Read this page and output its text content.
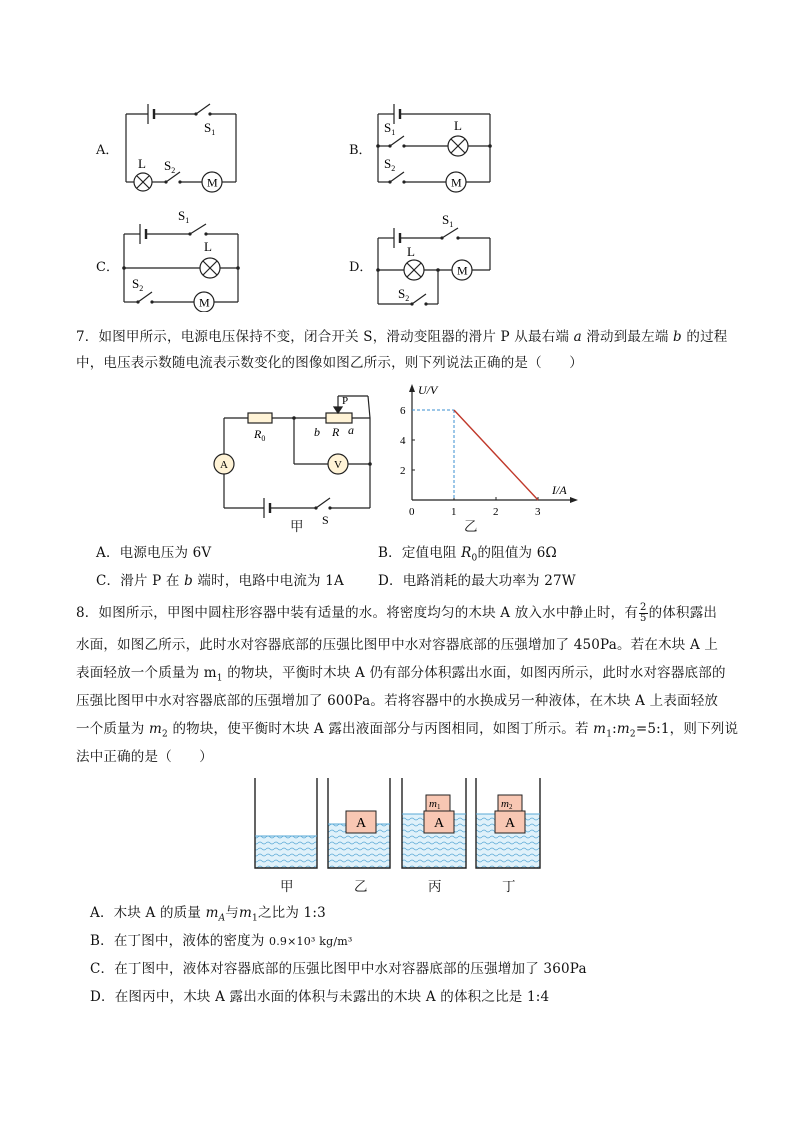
A．
$S_1$
L $S_2$
M
B．
$S_1$	L
$S_2$
M
C．
$S_1$
L
$S_2$
M
D．
$S_1$
L
$S_2$
M
7．如图甲所示，电源电压保持不变，闭合开关 S，滑动变阻器的滑片 P 从最右端 a 滑动到最左端 b 的过程
中，电压表示数随电流表示数变化的图像如图乙所示，则下列说法正确的是（　　）
$R_0$
P
b R a
A	V
S
甲
U/V
I/A
2
4
6
0	1	2	3
乙
A．电源电压为 6V	B．定值电阻 $R_0$的阻值为 6Ω
C．滑片 P 在 b 端时，电路中电流为 1A	D．电路消耗的最大功率为 27W
8．如图所示，甲图中圆柱形容器中装有适量的水。将密度均匀的木块 A 放入水中静止时，有 $\frac{2}{5}$ 的体积露出
水面，如图乙所示，此时水对容器底部的压强比图甲中水对容器底部的压强增加了 450Pa。若在木块 A 上
表面轻放一个质量为 $m_1$ 的物块，平衡时木块 A 仍有部分体积露出水面，如图丙所示，此时水对容器底部的
压强比图甲中水对容器底部的压强增加了 600Pa。若将容器中的水换成另一种液体，在木块 A 上表面轻放
一个质量为 $m_2$ 的物块，使平衡时木块 A 露出液面部分与丙图相同，如图丁所示。若 $m_1:m_2=5:1$，则下列说
法中正确的是（　　）
A	A
m1
A
m2
甲	乙	丙	丁
A．木块 A 的质量 $m_A$与$m_1$之比为 1:3
B．在丁图中，液体的密度为 0.9×10³ kg/m³
C．在丁图中，液体对容器底部的压强比图甲中水对容器底部的压强增加了 360Pa
D．在图丙中，木块 A 露出水面的体积与未露出的木块 A 的体积之比是 1:4
